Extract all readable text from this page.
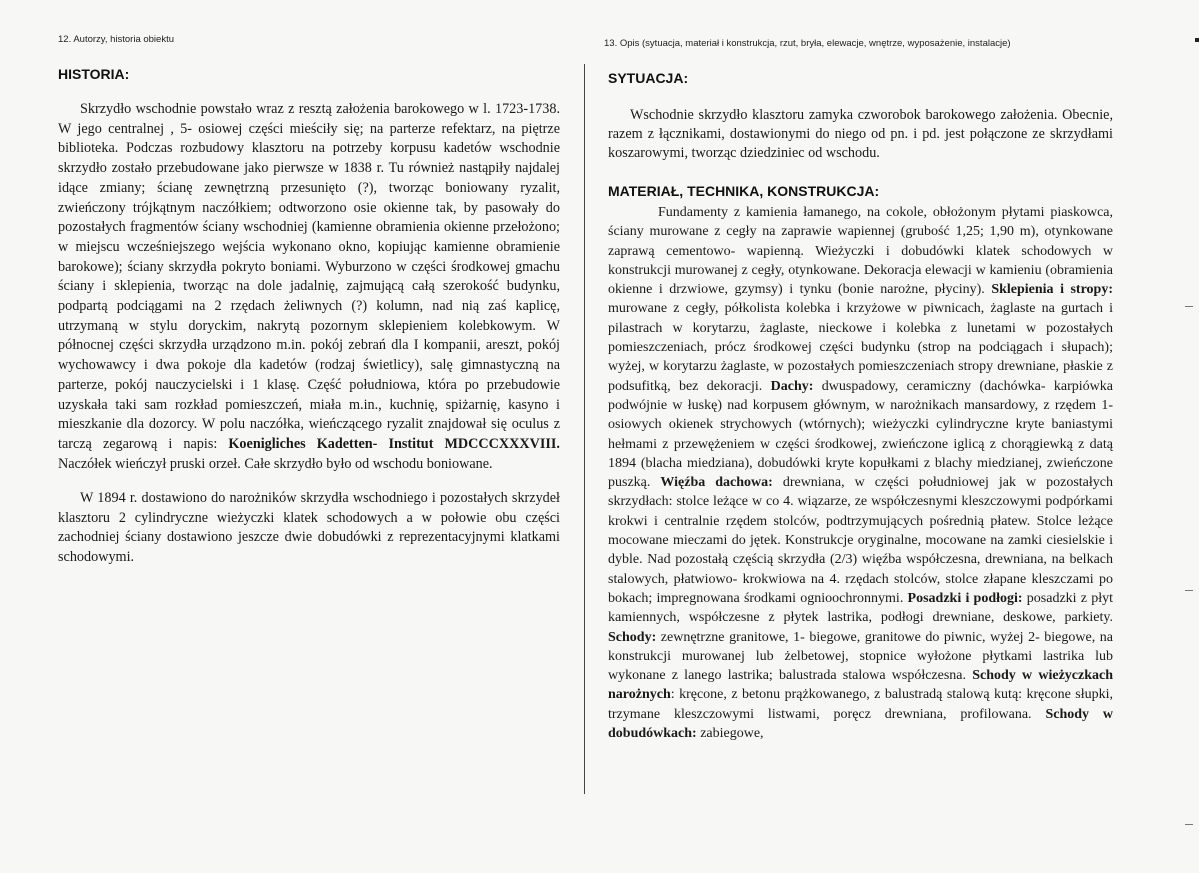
12. Autorzy, historia obiektu	13. Opis (sytuacja, materiał i konstrukcja, rzut, bryła, elewacje, wnętrze, wyposażenie, instalacje)
HISTORIA:

Skrzydło wschodnie powstało wraz z resztą założenia barokowego w l. 1723-1738. W jego centralnej , 5- osiowej części mieściły się; na parterze refektarz, na piętrze biblioteka. Podczas rozbudowy klasztoru na potrzeby korpusu kadetów wschodnie skrzydło zostało przebudowane jako pierwsze w 1838 r. Tu również nastąpiły najdalej idące zmiany; ścianę zewnętrzną przesunięto (?), tworząc boniowany ryzalit, zwieńczony trójkątnym naczółkiem; odtworzono osie okienne tak, by pasowały do pozostałych fragmentów ściany wschodniej (kamienne obramienia okienne przełożono; w miejscu wcześniejszego wejścia wykonano okno, kopiując kamienne obramienie barokowe); ściany skrzydła pokryto boniami. Wyburzono w części środkowej gmachu ściany i sklepienia, tworząc na dole jadalnię, zajmującą całą szerokość budynku, podpartą podciągami na 2 rzędach żeliwnych (?) kolumn, nad nią zaś kaplicę, utrzymaną w stylu doryckim, nakrytą pozornym sklepieniem kolebkowym. W północnej części skrzydła urządzono m.in. pokój zebrań dla I kompanii, areszt, pokój wychowawcy i dwa pokoje dla kadetów (rodzaj świetlicy), salę gimnastyczną na parterze, pokój nauczycielski i 1 klasę. Część południowa, która po przebudowie uzyskała taki sam rozkład pomieszczeń, miała m.in., kuchnię, spiżarnię, kasyno i mieszkanie dla dozorcy. W polu naczółka, wieńczącego ryzalit znajdował się oculus z tarczą zegarową i napis: Koenigliches Kadetten- Institut MDCCCXXXVIII. Naczółek wieńczył pruski orzeł. Całe skrzydło było od wschodu boniowane.

W 1894 r. dostawiono do narożników skrzydła wschodniego i pozostałych skrzydeł klasztoru 2 cylindryczne wieżyczki klatek schodowych a w połowie obu części zachodniej ściany dostawiono jeszcze dwie dobudówki z reprezentacyjnymi klatkami schodowymi.

SYTUACJA:

Wschodnie skrzydło klasztoru zamyka czworobok barokowego założenia. Obecnie, razem z łącznikami, dostawionymi do niego od pn. i pd. jest połączone ze skrzydłami koszarowymi, tworząc dziedziniec od wschodu.

MATERIAŁ, TECHNIKA, KONSTRUKCJA:

Fundamenty z kamienia łamanego, na cokole, obłożonym płytami piaskowca, ściany murowane z cegły na zaprawie wapiennej (grubość 1,25; 1,90 m), otynkowane zaprawą cementowo- wapienną. Wieżyczki i dobudówki klatek schodowych w konstrukcji murowanej z cegły, otynkowane. Dekoracja elewacji w kamieniu (obramienia okienne i drzwiowe, gzymsy) i tynku (bonie narożne, płyciny). Sklepienia i stropy: murowane z cegły, półkolista kolebka i krzyżowe w piwnicach, żaglaste na gurtach i pilastrach w korytarzu, żaglaste, nieckowe i kolebka z lunetami w pozostałych pomieszczeniach, prócz środkowej części budynku (strop na podciągach i słupach); wyżej, w korytarzu żaglaste, w pozostałych pomieszczeniach stropy drewniane, płaskie z podsufitką, bez dekoracji. Dachy: dwuspadowy, ceramiczny (dachówka- karpiówka podwójnie w łuskę) nad korpusem głównym, w narożnikach mansardowy, z rzędem 1- osiowych okienek strychowych (wtórnych); wieżyczki cylindryczne kryte baniastymi hełmami z przewężeniem w części środkowej, zwieńczone iglicą z chorągiewką z datą 1894 (blacha miedziana), dobudówki kryte kopułkami z blachy miedzianej, zwieńczone puszką. Więźba dachowa: drewniana, w części południowej jak w pozostałych skrzydłach: stolce leżące w co 4. wiązarze, ze współczesnymi kleszczowymi podpórkami krokwi i centralnie rzędem stolców, podtrzymujących pośrednią płatew. Stolce leżące mocowane mieczami do jętek. Konstrukcje oryginalne, mocowane na zamki ciesielskie i dyble. Nad pozostałą częścią skrzydła (2/3) więźba współczesna, drewniana, na belkach stalowych, płatwiowo- krokwiowa na 4. rzędach stolców, stolce złapane kleszczami po bokach; impregnowana środkami ognioochronnymi. Posadzki i podłogi: posadzki z płyt kamiennych, współczesne z płytek lastrika, podłogi drewniane, deskowe, parkiety. Schody: zewnętrzne granitowe, 1- biegowe, granitowe do piwnic, wyżej 2- biegowe, na konstrukcji murowanej lub żelbetowej, stopnice wyłożone płytkami lastrika lub wykonane z lanego lastrika; balustrada stalowa współczesna. Schody w wieżyczkach narożnych: kręcone, z betonu prążkowanego, z balustradą stalową kutą: kręcone słupki, trzymane kleszczowymi listwami, poręcz drewniana, profilowana. Schody w dobudówkach: zabiegowe,
